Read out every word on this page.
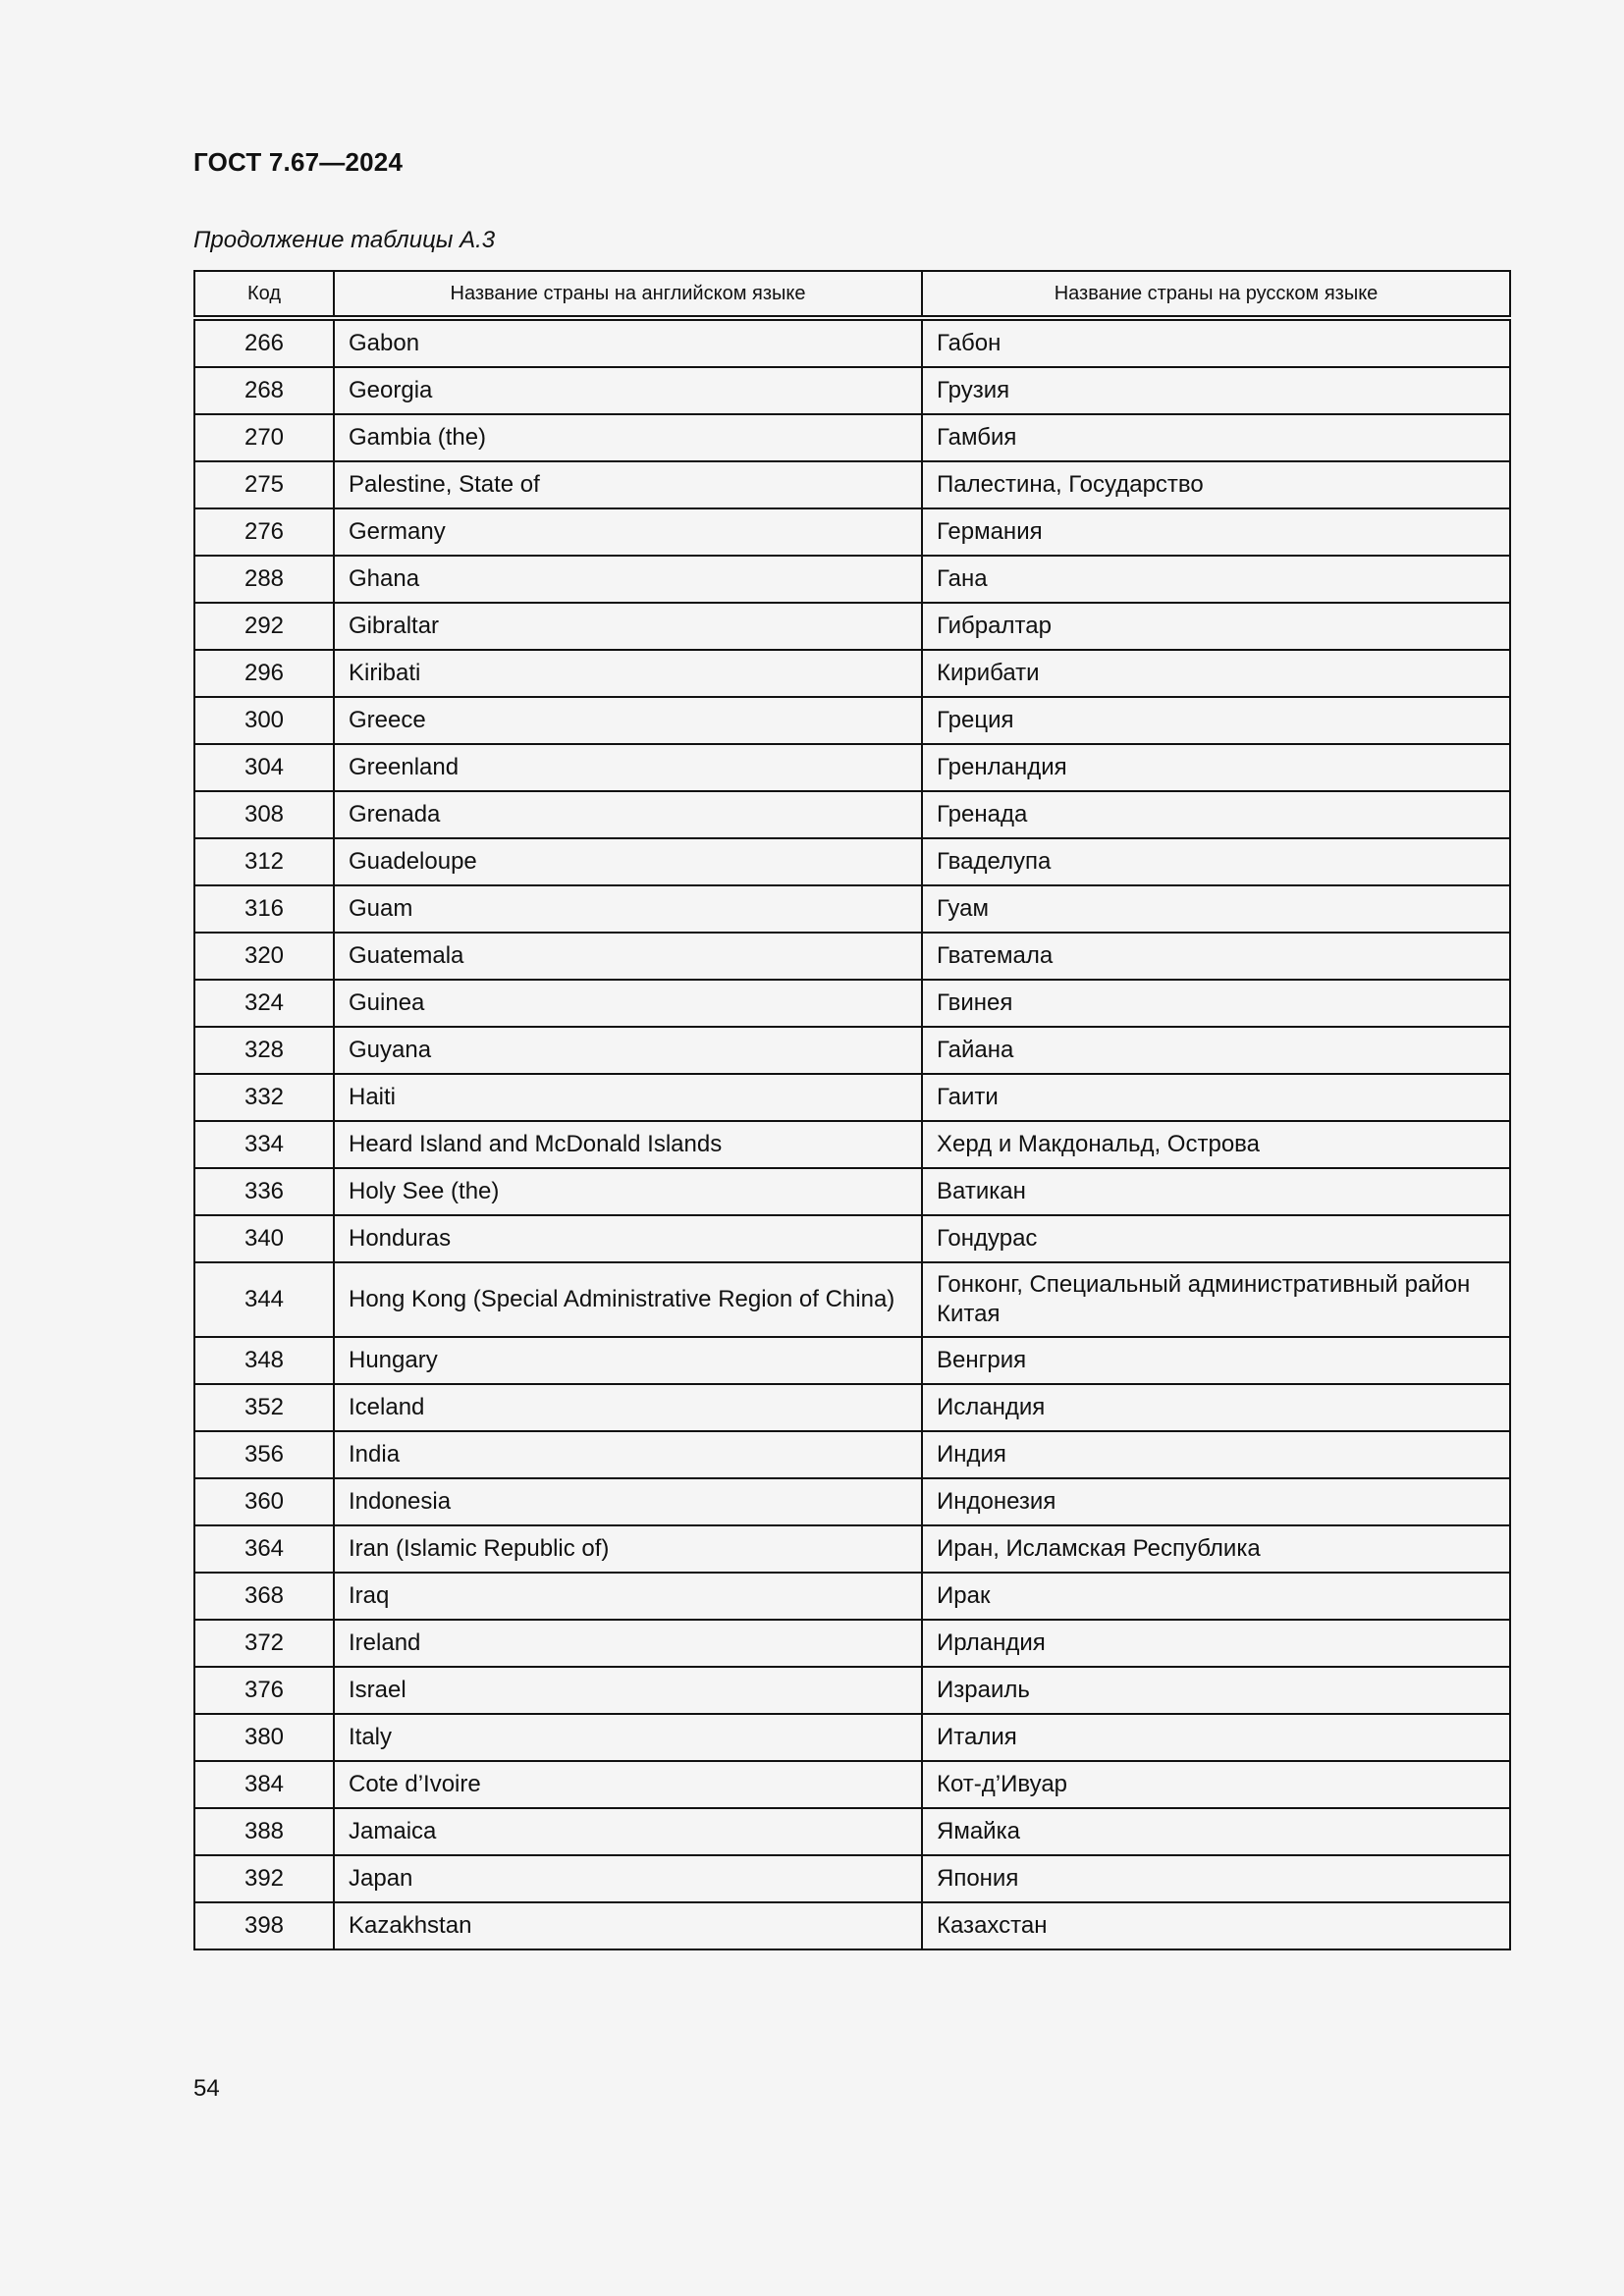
ГОСТ 7.67—2024
Продолжение таблицы А.3
Код	Название страны на английском языке	Название страны на русском языке
266	Gabon	Габон
268	Georgia	Грузия
270	Gambia (the)	Гамбия
275	Palestine, State of	Палестина, Государство
276	Germany	Германия
288	Ghana	Гана
292	Gibraltar	Гибралтар
296	Kiribati	Кирибати
300	Greece	Греция
304	Greenland	Гренландия
308	Grenada	Гренада
312	Guadeloupe	Гваделупа
316	Guam	Гуам
320	Guatemala	Гватемала
324	Guinea	Гвинея
328	Guyana	Гайана
332	Haiti	Гаити
334	Heard Island and McDonald Islands	Херд и Макдональд, Острова
336	Holy See (the)	Ватикан
340	Honduras	Гондурас
344	Hong Kong (Special Administrative Region of China)	Гонконг, Специальный административный район Китая
348	Hungary	Венгрия
352	Iceland	Исландия
356	India	Индия
360	Indonesia	Индонезия
364	Iran (Islamic Republic of)	Иран, Исламская Республика
368	Iraq	Ирак
372	Ireland	Ирландия
376	Israel	Израиль
380	Italy	Италия
384	Cote d’Ivoire	Кот-д’Ивуар
388	Jamaica	Ямайка
392	Japan	Япония
398	Kazakhstan	Казахстан
54
